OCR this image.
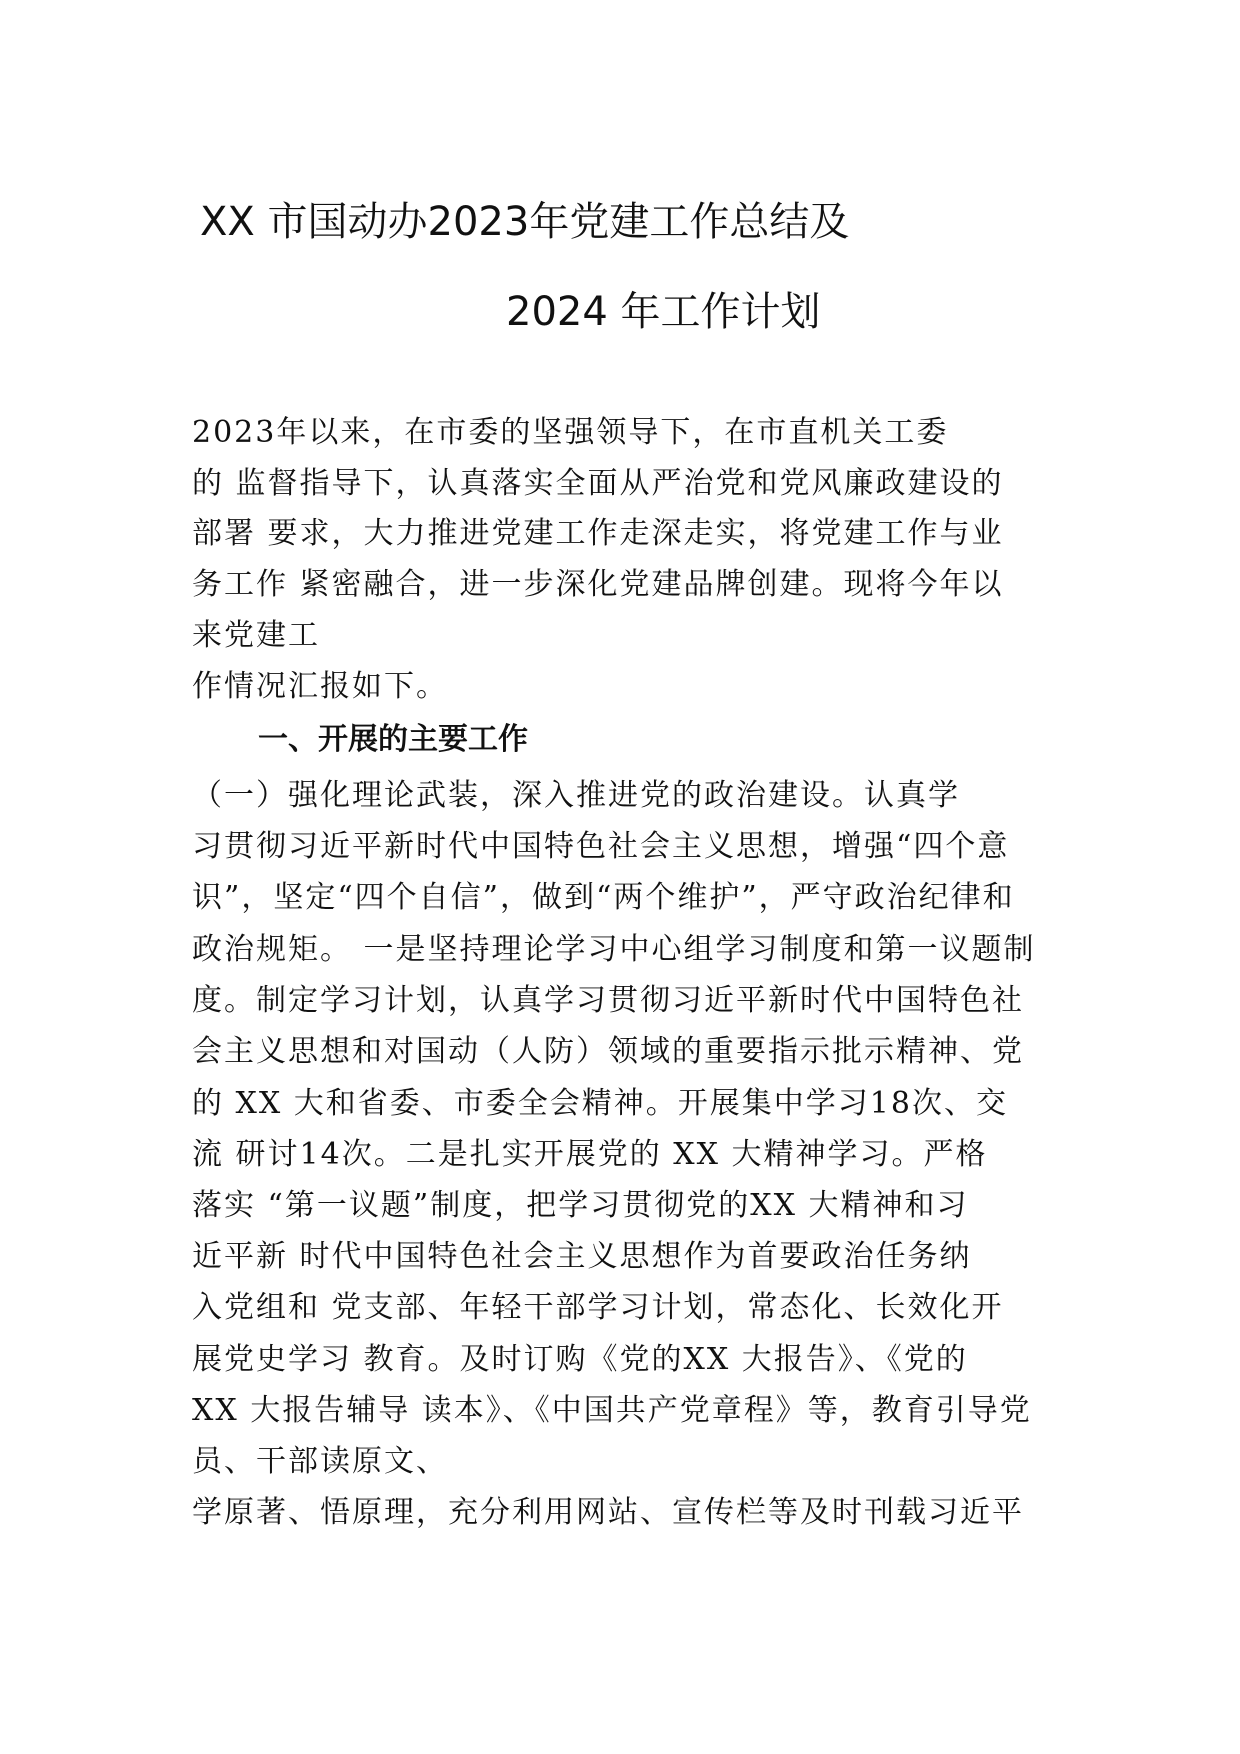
XX 市国动办2023年党建工作总结及
2024 年工作计划
2023年以来，在市委的坚强领导下，在市直机关工委
的 监督指导下，认真落实全面从严治党和党风廉政建设的
部署 要求，大力推进党建工作走深走实，将党建工作与业
务工作 紧密融合，进一步深化党建品牌创建。现将今年以
来党建工
作情况汇报如下。
一、开展的主要工作
（一）强化理论武装，深入推进党的政治建设。认真学
习贯彻习近平新时代中国特色社会主义思想，增强“四个意
识”，坚定“四个自信”，做到“两个维护”，严守政治纪律和
政治规矩。 一是坚持理论学习中心组学习制度和第一议题制
度。制定学习计划，认真学习贯彻习近平新时代中国特色社
会主义思想和对国动（人防）领域的重要指示批示精神、党
的 XX 大和省委、市委全会精神。开展集中学习18次、交
流 研讨14次。二是扎实开展党的 XX 大精神学习。严格
落实 “第一议题”制度，把学习贯彻党的XX 大精神和习
近平新 时代中国特色社会主义思想作为首要政治任务纳
入党组和 党支部、年轻干部学习计划，常态化、长效化开
展党史学习 教育。及时订购《党的XX 大报告》、《党的
XX 大报告辅导 读本》、《中国共产党章程》等，教育引导党
员、干部读原文、
学原著、悟原理，充分利用网站、宣传栏等及时刊载习近平
